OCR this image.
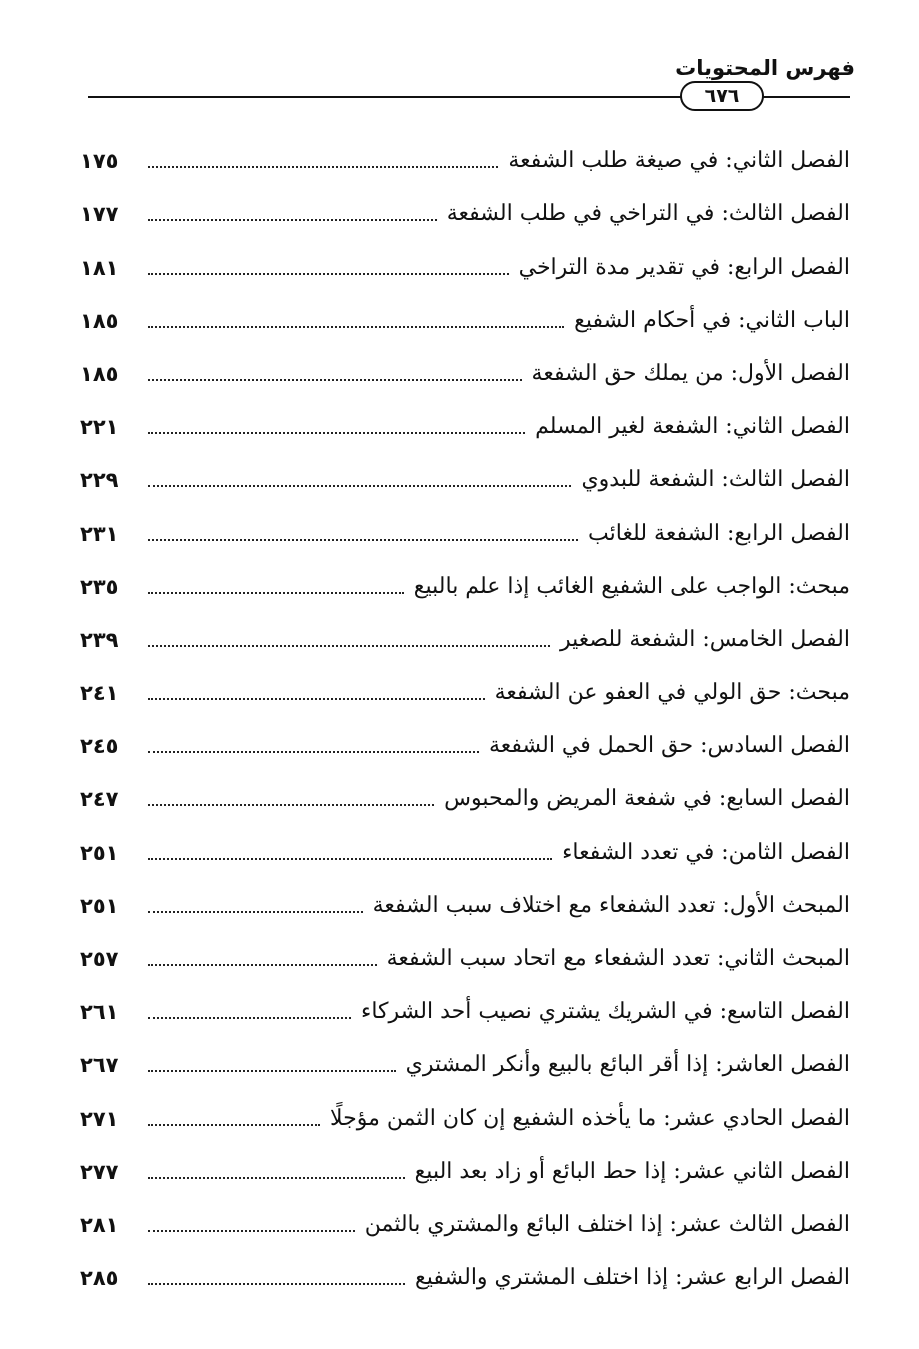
فهرس المحتويات
٦٧٦
الفصل الثاني: في صيغة طلب الشفعة
١٧٥
الفصل الثالث: في التراخي في طلب الشفعة
١٧٧
الفصل الرابع: في تقدير مدة التراخي
١٨١
الباب الثاني: في أحكام الشفيع
١٨٥
الفصل الأول: من يملك حق الشفعة
١٨٥
الفصل الثاني: الشفعة لغير المسلم
٢٢١
الفصل الثالث: الشفعة للبدوي
٢٢٩
الفصل الرابع: الشفعة للغائب
٢٣١
مبحث: الواجب على الشفيع الغائب إذا علم بالبيع
٢٣٥
الفصل الخامس: الشفعة للصغير
٢٣٩
مبحث: حق الولي في العفو عن الشفعة
٢٤١
الفصل السادس: حق الحمل في الشفعة
٢٤٥
الفصل السابع: في شفعة المريض والمحبوس
٢٤٧
الفصل الثامن: في تعدد الشفعاء
٢٥١
المبحث الأول: تعدد الشفعاء مع اختلاف سبب الشفعة
٢٥١
المبحث الثاني: تعدد الشفعاء مع اتحاد سبب الشفعة
٢٥٧
الفصل التاسع: في الشريك يشتري نصيب أحد الشركاء
٢٦١
الفصل العاشر: إذا أقر البائع بالبيع وأنكر المشتري
٢٦٧
الفصل الحادي عشر: ما يأخذه الشفيع إن كان الثمن مؤجلًا
٢٧١
الفصل الثاني عشر: إذا حط البائع أو زاد بعد البيع
٢٧٧
الفصل الثالث عشر: إذا اختلف البائع والمشتري بالثمن
٢٨١
الفصل الرابع عشر: إذا اختلف المشتري والشفيع
٢٨٥
